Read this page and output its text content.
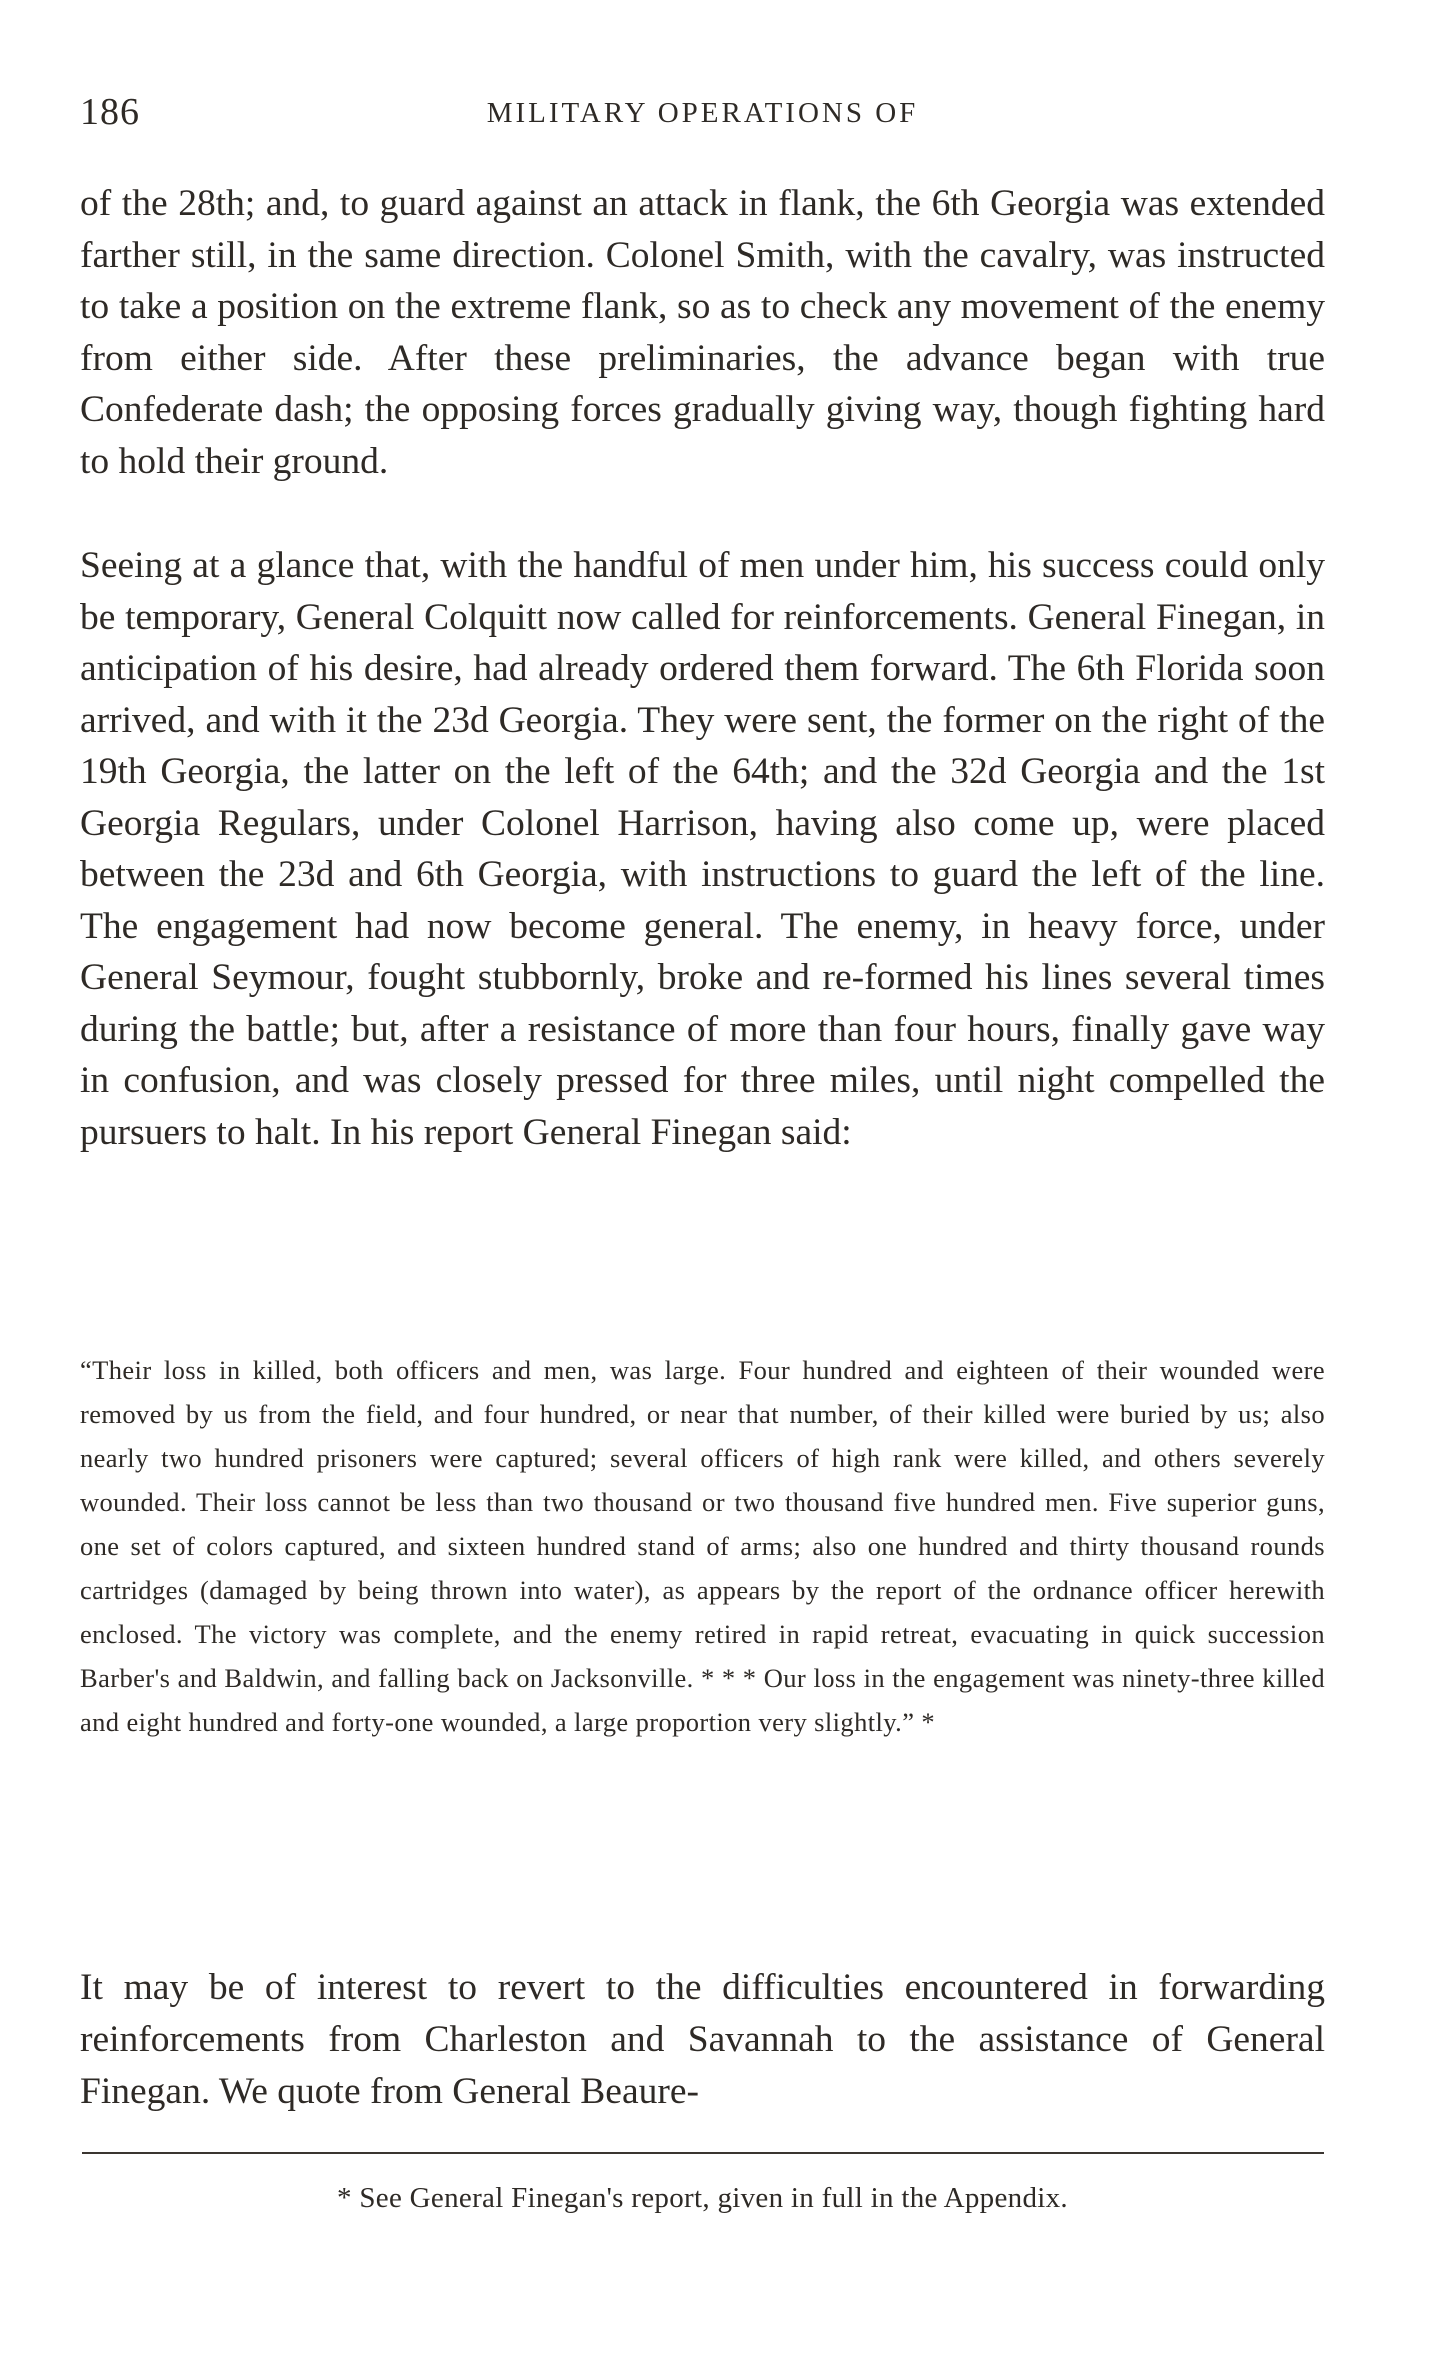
186	MILITARY OPERATIONS OF

of the 28th; and, to guard against an attack in flank, the 6th Georgia was extended farther still, in the same direction. Colonel Smith, with the cavalry, was instructed to take a position on the extreme flank, so as to check any movement of the enemy from either side. After these preliminaries, the advance began with true Confederate dash; the opposing forces gradually giving way, though fighting hard to hold their ground.

Seeing at a glance that, with the handful of men under him, his success could only be temporary, General Colquitt now called for reinforcements. General Finegan, in anticipation of his desire, had already ordered them forward. The 6th Florida soon arrived, and with it the 23d Georgia. They were sent, the former on the right of the 19th Georgia, the latter on the left of the 64th; and the 32d Georgia and the 1st Georgia Regulars, under Colonel Harrison, having also come up, were placed between the 23d and 6th Georgia, with instructions to guard the left of the line. The engagement had now become general. The enemy, in heavy force, under General Seymour, fought stubbornly, broke and re-formed his lines several times during the battle; but, after a resistance of more than four hours, finally gave way in confusion, and was closely pressed for three miles, until night compelled the pursuers to halt. In his report General Finegan said:

“Their loss in killed, both officers and men, was large. Four hundred and eighteen of their wounded were removed by us from the field, and four hundred, or near that number, of their killed were buried by us; also nearly two hundred prisoners were captured; several officers of high rank were killed, and others severely wounded. Their loss cannot be less than two thousand or two thousand five hundred men. Five superior guns, one set of colors captured, and sixteen hundred stand of arms; also one hundred and thirty thousand rounds cartridges (damaged by being thrown into water), as appears by the report of the ordnance officer herewith enclosed. The victory was complete, and the enemy retired in rapid retreat, evacuating in quick succession Barber's and Baldwin, and falling back on Jacksonville. * * * Our loss in the engagement was ninety-three killed and eight hundred and forty-one wounded, a large proportion very slightly.” *

It may be of interest to revert to the difficulties encountered in forwarding reinforcements from Charleston and Savannah to the assistance of General Finegan. We quote from General Beaure-

* See General Finegan's report, given in full in the Appendix.
